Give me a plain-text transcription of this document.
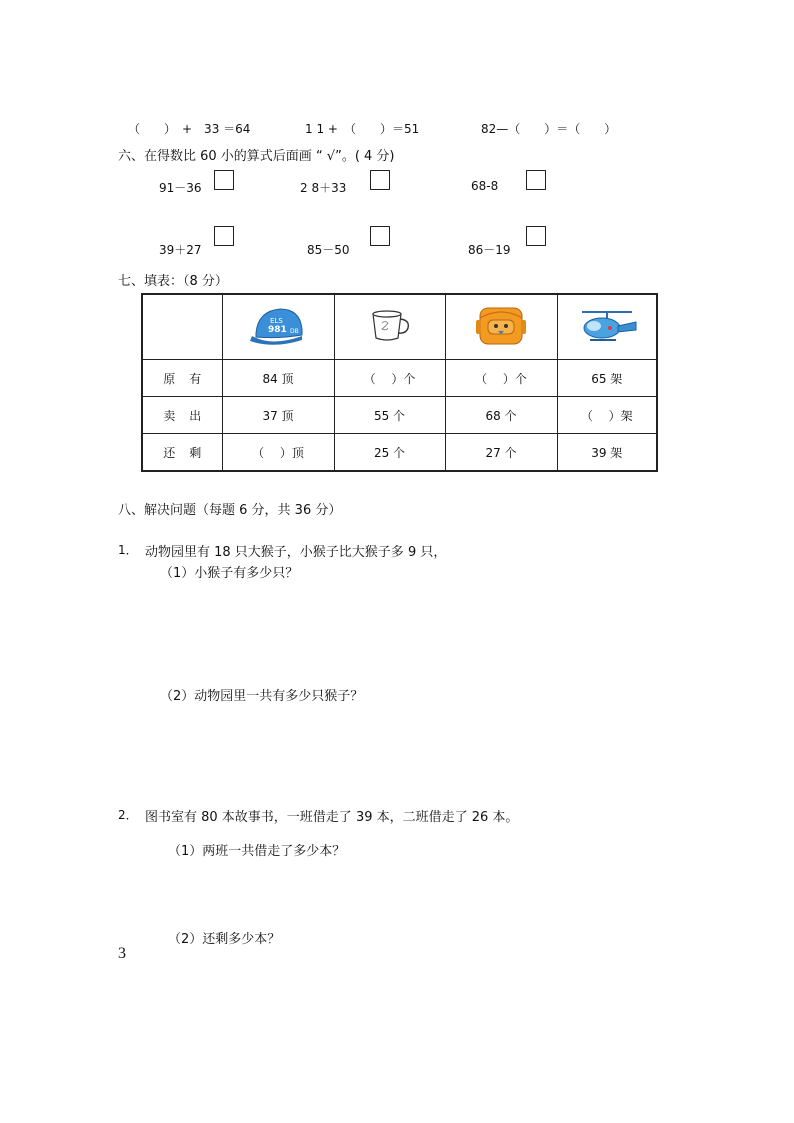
（　　）　+　33 ＝64	1 1 +　（　　）＝51	82—（　　）＝（　　）
六、在得数比 60 小的算式后面画 “ √”。( 4 分)
91－36	2 8＋33	68-8
39＋27	85－50	86－19
七、填表：（8 分）

ELS
981 DB

原 有	84 顶	（　 ）个	（　 ）个	65 架
卖 出	37 顶	55 个	68 个	（　 ）架
还 剩	（　 ）顶	25 个	27 个	39 架
八、解决问题（每题 6 分，共 36 分）
1． 动物园里有 18 只大猴子，小猴子比大猴子多 9 只，
（1）小猴子有多少只？
（2）动物园里一共有多少只猴子？
2． 图书室有 80 本故事书，一班借走了 39 本，二班借走了 26 本。
（1）两班一共借走了多少本？
（2）还剩多少本？
3
